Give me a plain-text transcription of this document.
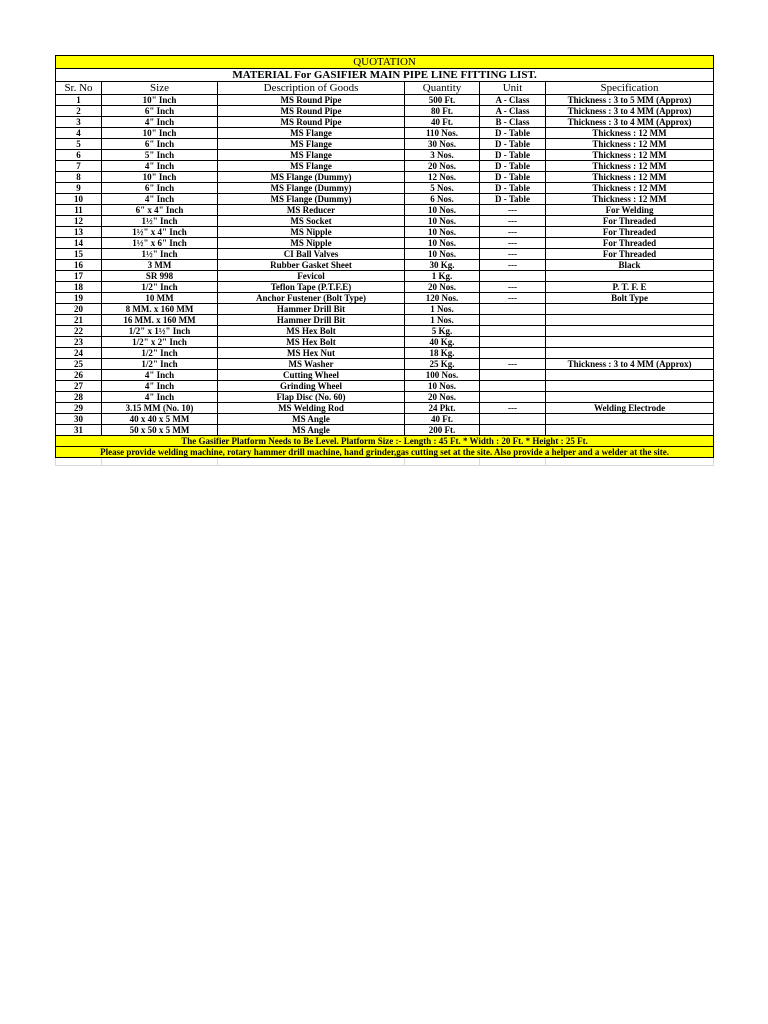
QUOTATION					
MATERIAL For GASIFIER MAIN PIPE LINE FITTING LIST.					
Sr. No	Size	Description of Goods	Quantity	Unit	Specification
1	10" Inch	MS Round Pipe	500 Ft.	A - Class	Thickness : 3 to 5 MM (Approx)
2	6" Inch	MS Round Pipe	80 Ft.	A - Class	Thickness : 3 to 4 MM (Approx)
3	4" Inch	MS Round Pipe	40 Ft.	B - Class	Thickness : 3 to 4 MM (Approx)
4	10" Inch	MS Flange	110 Nos.	D - Table	Thickness : 12 MM
5	6" Inch	MS Flange	30 Nos.	D - Table	Thickness : 12 MM
6	5" Inch	MS Flange	3 Nos.	D - Table	Thickness : 12 MM
7	4" Inch	MS Flange	20 Nos.	D - Table	Thickness : 12 MM
8	10" Inch	MS Flange (Dummy)	12 Nos.	D - Table	Thickness : 12 MM
9	6" Inch	MS Flange (Dummy)	5 Nos.	D - Table	Thickness : 12 MM
10	4" Inch	MS Flange (Dummy)	6 Nos.	D - Table	Thickness : 12 MM
11	6" x 4" Inch	MS Reducer	10 Nos.	---	For Welding
12	1½" Inch	MS Socket	10 Nos.	---	For Threaded
13	1½" x 4" Inch	MS Nipple	10 Nos.	---	For Threaded
14	1½" x 6" Inch	MS Nipple	10 Nos.	---	For Threaded
15	1½" Inch	CI Ball Valves	10 Nos.	---	For Threaded
16	3 MM	Rubber Gasket Sheet	30 Kg.	---	Black
17	SR 998	Fevicol	1 Kg.		
18	1/2" Inch	Teflon Tape (P.T.F.E)	20 Nos.	---	P. T. F. E
19	10 MM	Anchor Fustener (Bolt Type)	120 Nos.	---	Bolt Type
20	8 MM. x 160 MM	Hammer Drill Bit	1 Nos.		
21	16 MM. x 160 MM	Hammer Drill Bit	1 Nos.		
22	1/2" x 1½" Inch	MS Hex Bolt	5 Kg.		
23	1/2" x 2" Inch	MS Hex Bolt	40 Kg.		
24	1/2" Inch	MS Hex Nut	18 Kg.		
25	1/2" Inch	MS Washer	25 Kg.	---	Thickness : 3 to 4 MM (Approx)
26	4" Inch	Cutting Wheel	100 Nos.		
27	4" Inch	Grinding Wheel	10 Nos.		
28	4" Inch	Flap Disc (No. 60)	20 Nos.		
29	3.15 MM (No. 10)	MS Welding Rod	24 Pkt.	---	Welding Electrode
30	40 x 40 x 5 MM	MS Angle	40 Ft.		
31	50 x 50 x 5 MM	MS Angle	200 Ft.		
The Gasifier Platform Needs to Be Level. Platform Size :- Length : 45 Ft. * Width : 20 Ft. * Height : 25 Ft.					
Please provide welding machine, rotary hammer drill machine, hand grinder,gas cutting set at the site. Also provide a helper and a welder at the site.					
